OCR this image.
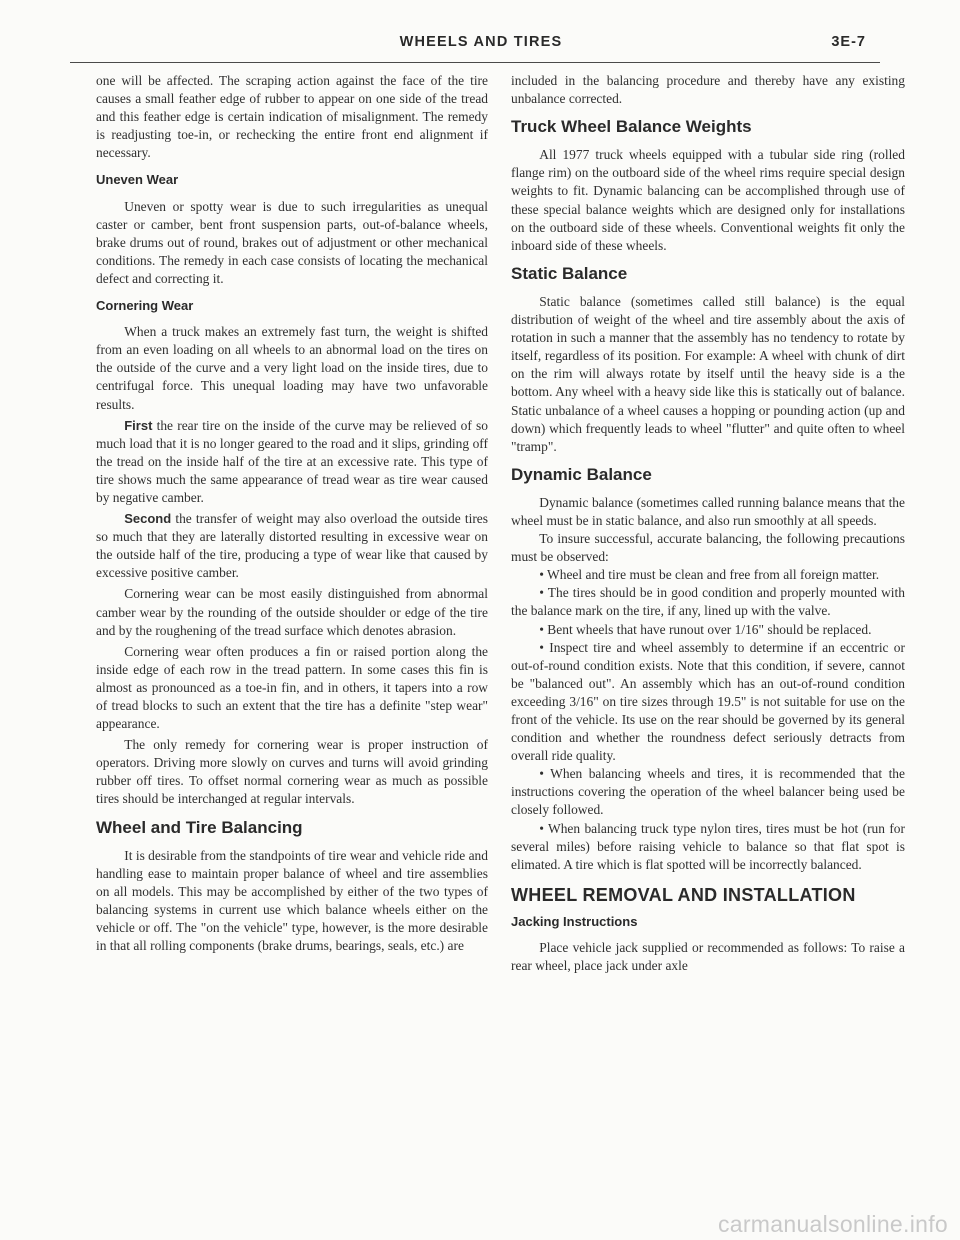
WHEELS AND TIRES	3E-7

one will be affected. The scraping action against the face of the tire causes a small feather edge of rubber to appear on one side of the tread and this feather edge is certain indication of misalignment. The remedy is readjusting toe-in, or rechecking the entire front end alignment if necessary.

Uneven Wear

Uneven or spotty wear is due to such irregularities as unequal caster or camber, bent front suspension parts, out-of-balance wheels, brake drums out of round, brakes out of adjustment or other mechanical conditions. The remedy in each case consists of locating the mechanical defect and correcting it.

Cornering Wear

When a truck makes an extremely fast turn, the weight is shifted from an even loading on all wheels to an abnormal load on the tires on the outside of the curve and a very light load on the inside tires, due to centrifugal force. This unequal loading may have two unfavorable results.

First the rear tire on the inside of the curve may be relieved of so much load that it is no longer geared to the road and it slips, grinding off the tread on the inside half of the tire at an excessive rate. This type of tire shows much the same appearance of tread wear as tire wear caused by negative camber.

Second the transfer of weight may also overload the outside tires so much that they are laterally distorted resulting in excessive wear on the outside half of the tire, producing a type of wear like that caused by excessive positive camber.

Cornering wear can be most easily distinguished from abnormal camber wear by the rounding of the outside shoulder or edge of the tire and by the roughening of the tread surface which denotes abrasion.

Cornering wear often produces a fin or raised portion along the inside edge of each row in the tread pattern. In some cases this fin is almost as pronounced as a toe-in fin, and in others, it tapers into a row of tread blocks to such an extent that the tire has a definite "step wear" appearance.

The only remedy for cornering wear is proper instruction of operators. Driving more slowly on curves and turns will avoid grinding rubber off tires. To offset normal cornering wear as much as possible tires should be interchanged at regular intervals.

Wheel and Tire Balancing

It is desirable from the standpoints of tire wear and vehicle ride and handling ease to maintain proper balance of wheel and tire assemblies on all models. This may be accomplished by either of the two types of balancing systems in current use which balance wheels either on the vehicle or off. The "on the vehicle" type, however, is the more desirable in that all rolling components (brake drums, bearings, seals, etc.) are

included in the balancing procedure and thereby have any existing unbalance corrected.

Truck Wheel Balance Weights

All 1977 truck wheels equipped with a tubular side ring (rolled flange rim) on the outboard side of the wheel rims require special design weights to fit. Dynamic balancing can be accomplished through use of these special balance weights which are designed only for installations on the outboard side of these wheels. Conventional weights fit only the inboard side of these wheels.

Static Balance

Static balance (sometimes called still balance) is the equal distribution of weight of the wheel and tire assembly about the axis of rotation in such a manner that the assembly has no tendency to rotate by itself, regardless of its position. For example: A wheel with chunk of dirt on the rim will always rotate by itself until the heavy side is a the bottom. Any wheel with a heavy side like this is statically out of balance. Static unbalance of a wheel causes a hopping or pounding action (up and down) which frequently leads to wheel "flutter" and quite often to wheel "tramp".

Dynamic Balance

Dynamic balance (sometimes called running balance means that the wheel must be in static balance, and also run smoothly at all speeds.

To insure successful, accurate balancing, the following precautions must be observed:

• Wheel and tire must be clean and free from all foreign matter.

• The tires should be in good condition and properly mounted with the balance mark on the tire, if any, lined up with the valve.

• Bent wheels that have runout over 1/16" should be replaced.

• Inspect tire and wheel assembly to determine if an eccentric or out-of-round condition exists. Note that this condition, if severe, cannot be "balanced out". An assembly which has an out-of-round condition exceeding 3/16" on tire sizes through 19.5" is not suitable for use on the front of the vehicle. Its use on the rear should be governed by its general condition and whether the roundness defect seriously detracts from overall ride quality.

• When balancing wheels and tires, it is recommended that the instructions covering the operation of the wheel balancer being used be closely followed.

• When balancing truck type nylon tires, tires must be hot (run for several miles) before raising vehicle to balance so that flat spot is elimated. A tire which is flat spotted will be incorrectly balanced.

WHEEL REMOVAL AND INSTALLATION

Jacking Instructions

Place vehicle jack supplied or recommended as follows: To raise a rear wheel, place jack under axle

carmanualsonline.info
